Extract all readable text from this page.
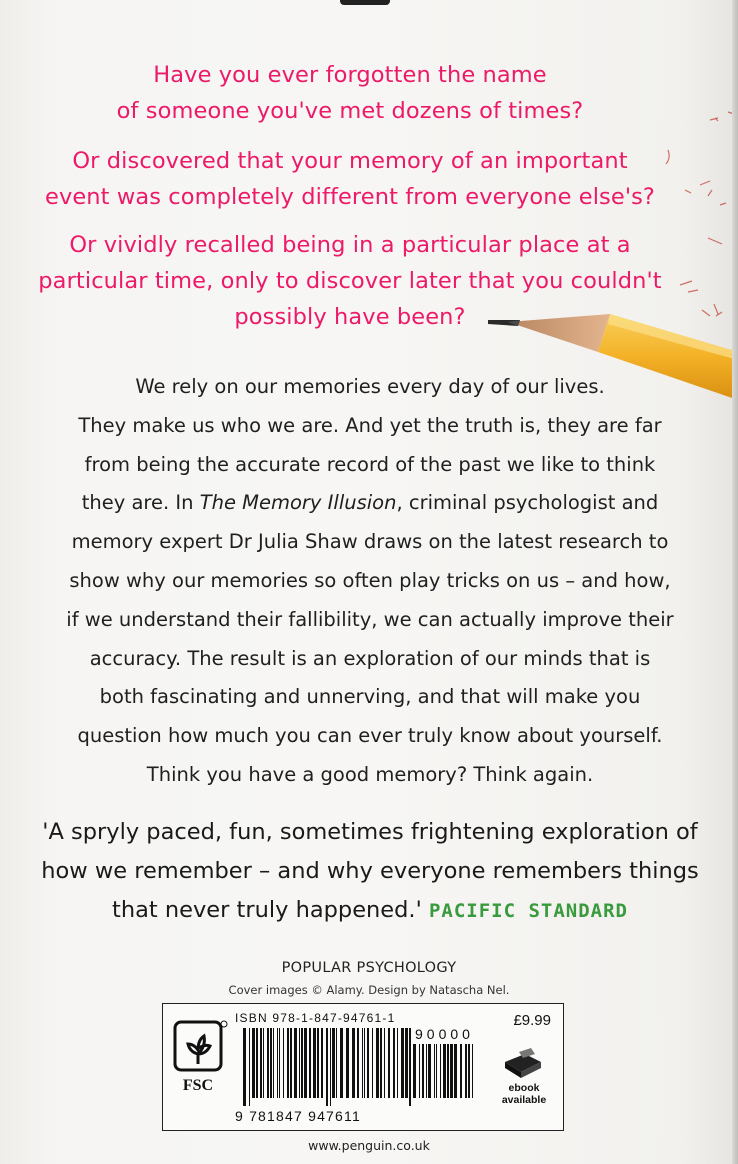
Have you ever forgotten the name
of someone you've met dozens of times?
Or discovered that your memory of an important
event was completely different from everyone else's?
Or vividly recalled being in a particular place at a
particular time, only to discover later that you couldn't
possibly have been?
We rely on our memories every day of our lives.
They make us who we are. And yet the truth is, they are far
from being the accurate record of the past we like to think
they are. In The Memory Illusion, criminal psychologist and
memory expert Dr Julia Shaw draws on the latest research to
show why our memories so often play tricks on us – and how,
if we understand their fallibility, we can actually improve their
accuracy. The result is an exploration of our minds that is
both fascinating and unnerving, and that will make you
question how much you can ever truly know about yourself.
Think you have a good memory? Think again.
'A spryly paced, fun, sometimes frightening exploration of
how we remember – and why everyone remembers things
that never truly happened.' PACIFIC STANDARD
POPULAR PSYCHOLOGY
Cover images © Alamy. Design by Natascha Nel.
FSC
ISBN 978-1-847-94761-1
90000
9 781847 947611
£9.99
ebook
available
www.penguin.co.uk
